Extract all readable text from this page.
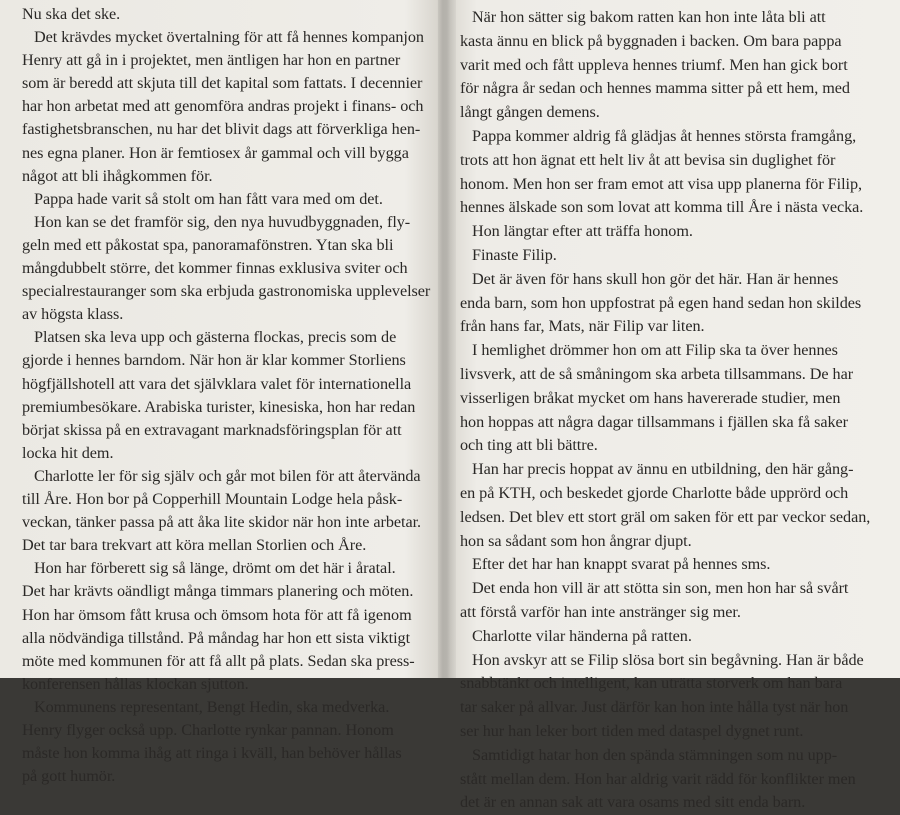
Nu ska det ske.

Det krävdes mycket övertalning för att få hennes kompanjon
Henry att gå in i projektet, men äntligen har hon en partner
som är beredd att skjuta till det kapital som fattats. I decennier
har hon arbetat med att genomföra andras projekt i finans- och
fastighetsbranschen, nu har det blivit dags att förverkliga hen-
nes egna planer. Hon är femtiosex år gammal och vill bygga
något att bli ihågkommen för.

Pappa hade varit så stolt om han fått vara med om det.

Hon kan se det framför sig, den nya huvudbyggnaden, fly-
geln med ett påkostat spa, panoramafönstren. Ytan ska bli
mångdubbelt större, det kommer finnas exklusiva sviter och
specialrestauranger som ska erbjuda gastronomiska upplevelser
av högsta klass.

Platsen ska leva upp och gästerna flockas, precis som de
gjorde i hennes barndom. När hon är klar kommer Storliens
högfjällshotell att vara det självklara valet för internationella
premiumbesökare. Arabiska turister, kinesiska, hon har redan
börjat skissa på en extravagant marknadsföringsplan för att
locka hit dem.

Charlotte ler för sig själv och går mot bilen för att återvända
till Åre. Hon bor på Copperhill Mountain Lodge hela påsk-
veckan, tänker passa på att åka lite skidor när hon inte arbetar.
Det tar bara trekvart att köra mellan Storlien och Åre.

Hon har förberett sig så länge, drömt om det här i åratal.
Det har krävts oändligt många timmars planering och möten.
Hon har ömsom fått krusa och ömsom hota för att få igenom
alla nödvändiga tillstånd. På måndag har hon ett sista viktigt
möte med kommunen för att få allt på plats. Sedan ska press-
konferensen hållas klockan sjutton.

Kommunens representant, Bengt Hedin, ska medverka.
Henry flyger också upp. Charlotte rynkar pannan. Honom
måste hon komma ihåg att ringa i kväll, han behöver hållas
på gott humör.

När hon sätter sig bakom ratten kan hon inte låta bli att
kasta ännu en blick på byggnaden i backen. Om bara pappa
varit med och fått uppleva hennes triumf. Men han gick bort
för några år sedan och hennes mamma sitter på ett hem, med
långt gången demens.

Pappa kommer aldrig få glädjas åt hennes största framgång,
trots att hon ägnat ett helt liv åt att bevisa sin duglighet för
honom. Men hon ser fram emot att visa upp planerna för Filip,
hennes älskade son som lovat att komma till Åre i nästa vecka.

Hon längtar efter att träffa honom.

Finaste Filip.

Det är även för hans skull hon gör det här. Han är hennes
enda barn, som hon uppfostrat på egen hand sedan hon skildes
från hans far, Mats, när Filip var liten.

I hemlighet drömmer hon om att Filip ska ta över hennes
livsverk, att de så småningom ska arbeta tillsammans. De har
visserligen bråkat mycket om hans havererade studier, men
hon hoppas att några dagar tillsammans i fjällen ska få saker
och ting att bli bättre.

Han har precis hoppat av ännu en utbildning, den här gång-
en på KTH, och beskedet gjorde Charlotte både upprörd och
ledsen. Det blev ett stort gräl om saken för ett par veckor sedan,
hon sa sådant som hon ångrar djupt.

Efter det har han knappt svarat på hennes sms.

Det enda hon vill är att stötta sin son, men hon har så svårt
att förstå varför han inte anstränger sig mer.

Charlotte vilar händerna på ratten.

Hon avskyr att se Filip slösa bort sin begåvning. Han är både
snabbtänkt och intelligent, kan uträtta storverk om han bara
tar saker på allvar. Just därför kan hon inte hålla tyst när hon
ser hur han leker bort tiden med dataspel dygnet runt.

Samtidigt hatar hon den spända stämningen som nu upp-
stått mellan dem. Hon har aldrig varit rädd för konflikter men
det är en annan sak att vara osams med sitt enda barn.
